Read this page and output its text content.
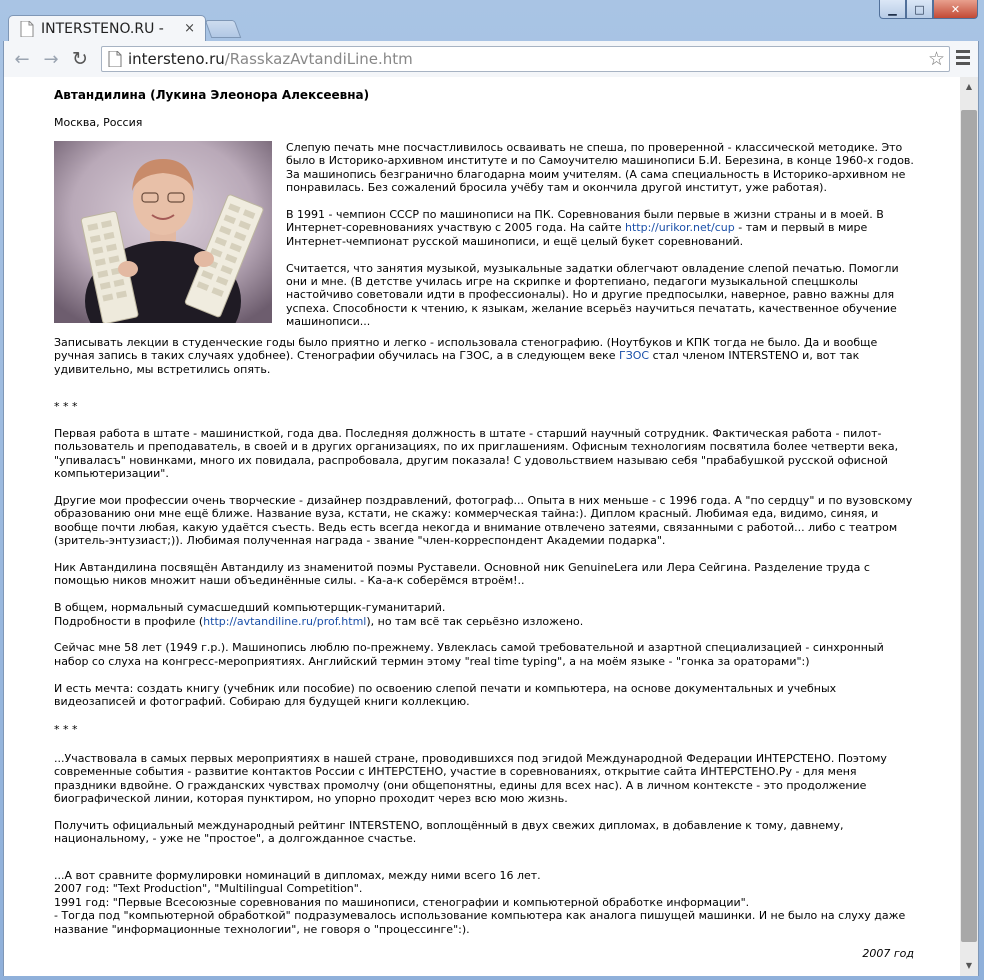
▁ □ ✕
INTERSTENO.RU -	×
← → ↻	intersteno.ru/RasskazAvtandiLine.htm	☆

Автандилина (Лукина Элеонора Алексеевна)

Москва, Россия

Слепую печать мне посчастливилось осваивать не спеша, по проверенной - классической методике. Это было в Историко-архивном институте и по Самоучителю машинописи Б.И. Березина, в конце 1960-х годов. За машинопись безгранично благодарна моим учителям. (А сама специальность в Историко-архивном не понравилась. Без сожалений бросила учёбу там и окончила другой институт, уже работая).

В 1991 - чемпион СССР по машинописи на ПК. Соревнования были первые в жизни страны и в моей. В Интернет-соревнованиях участвую с 2005 года. На сайте http://urikor.net/cup - там и первый в мире Интернет-чемпионат русской машинописи, и ещё целый букет соревнований.

Считается, что занятия музыкой, музыкальные задатки облегчают овладение слепой печатью. Помогли они и мне. (В детстве училась игре на скрипке и фортепиано, педагоги музыкальной спецшколы настойчиво советовали идти в профессионалы). Но и другие предпосылки, наверное, равно важны для успеха. Способности к чтению, к языкам, желание всерьёз научиться печатать, качественное обучение машинописи...

Записывать лекции в студенческие годы было приятно и легко - использовала стенографию. (Ноутбуков и КПК тогда не было. Да и вообще ручная запись в таких случаях удобнее). Стенографии обучилась на ГЗОС, а в следующем веке ГЗОС стал членом INTERSTENO и, вот так удивительно, мы встретились опять.

* * *

Первая работа в штате - машинисткой, года два. Последняя должность в штате - старший научный сотрудник. Фактическая работа - пилот-пользователь и преподаватель, в своей и в других организациях, по их приглашениям. Офисным технологиям посвятила более четверти века, "упиваласъ" новинками, много их повидала, распробовала, другим показала! С удовольствием называю себя "прабабушкой русской офисной компьютеризации".

Другие мои профессии очень творческие - дизайнер поздравлений, фотограф... Опыта в них меньше - с 1996 года. А "по сердцу" и по вузовскому образованию они мне ещё ближе. Название вуза, кстати, не скажу: коммерческая тайна:). Диплом красный. Любимая еда, видимо, синяя, и вообще почти любая, какую удаётся съесть. Ведь есть всегда некогда и внимание отвлечено затеями, связанными с работой... либо с театром (зритель-энтузиаст;)). Любимая полученная награда - звание "член-корреспондент Академии подарка".

Ник Автандилина посвящён Автандилу из знаменитой поэмы Руставели. Основной ник GenuineLera или Лера Сейгина. Разделение труда с помощью ников множит наши объединённые силы. - Ка-а-к соберёмся втроём!..

В общем, нормальный сумасшедший компьютерщик-гуманитарий.
Подробности в профиле (http://avtandiline.ru/prof.html), но там всё так серьёзно изложено.

Сейчас мне 58 лет (1949 г.р.). Машинопись люблю по-прежнему. Увлеклась самой требовательной и азартной специализацией - синхронный набор со слуха на конгресс-мероприятиях. Английский термин этому "real time typing", а на моём языке - "гонка за ораторами":)

И есть мечта: создать книгу (учебник или пособие) по освоению слепой печати и компьютера, на основе документальных и учебных видеозаписей и фотографий. Собираю для будущей книги коллекцию.

* * *

...Участвовала в самых первых мероприятиях в нашей стране, проводившихся под эгидой Международной Федерации ИНТЕРСТЕНО. Поэтому современные события - развитие контактов России с ИНТЕРСТЕНО, участие в соревнованиях, открытие сайта ИНТЕРСТЕНО.Ру - для меня праздники вдвойне. О гражданских чувствах промолчу (они общепонятны, едины для всех нас). А в личном контексте - это продолжение биографической линии, которая пунктиром, но упорно проходит через всю мою жизнь.

Получить официальный международный рейтинг INTERSTENO, воплощённый в двух свежих дипломах, в добавление к тому, давнему, национальному, - уже не "простое", а долгожданное счастье.

...А вот сравните формулировки номинаций в дипломах, между ними всего 16 лет.

2007 год: "Text Production", "Multilingual Competition".

1991 год: "Первые Всесоюзные соревнования по машинописи, стенографии и компьютерной обработке информации".

- Тогда под "компьютерной обработкой" подразумевалось использование компьютера как аналога пишущей машинки. И не было на слуху даже название "информационные технологии", не говоря о "процессинге":).

2007 год

▲
▼
